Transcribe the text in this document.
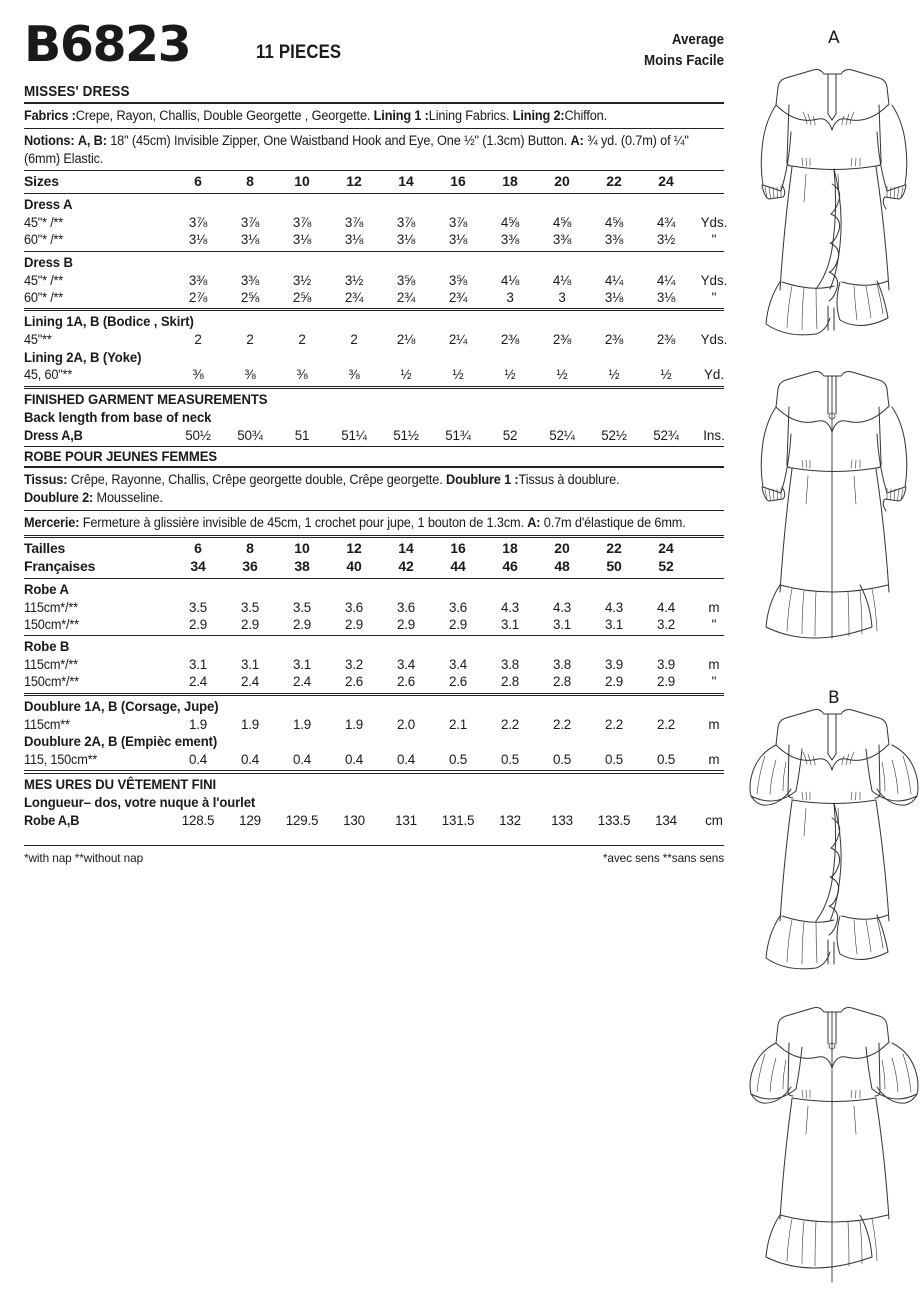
B6823	11 PIECES
Average
Moins Facile
MISSES' DRESS
Fabrics :Crepe, Rayon, Challis, Double Georgette , Georgette. Lining 1 :Lining Fabrics. Lining 2:Chiffon.
Notions: A, B: 18" (45cm) Invisible Zipper, One Waistband Hook and Eye, One ½" (1.3cm) Button. A: ¾ yd. (0.7m) of ¼" (6mm) Elastic.
Sizes	6	8	10	12	14	16	18	20	22	24	
Dress A
45"* /**	3⅞	3⅞	3⅞	3⅞	3⅞	3⅞	4⅝	4⅝	4⅝	4¾	Yds.
60"* /**	3⅛	3⅛	3⅛	3⅛	3⅛	3⅛	3⅜	3⅜	3⅜	3½	"
Dress B
45"* /**	3⅜	3⅜	3½	3½	3⅝	3⅝	4⅛	4⅛	4¼	4¼	Yds.
60"* /**	2⅞	2⅝	2⅝	2¾	2¾	2¾	3	3	3⅛	3⅛	"
Lining 1A, B (Bodice , Skirt)
45"**	2	2	2	2	2⅛	2¼	2⅜	2⅜	2⅜	2⅜	Yds.
Lining 2A, B (Yoke)
45, 60"**	⅜	⅜	⅜	⅜	½	½	½	½	½	½	Yd.
FINISHED GARMENT MEASUREMENTS
Back length from base of neck
Dress A,B	50½	50¾	51	51¼	51½	51¾	52	52¼	52½	52¾	Ins.
ROBE POUR JEUNES FEMMES
Tissus: Crêpe, Rayonne, Challis, Crêpe georgette double, Crêpe georgette. Doublure 1 :Tissus à doublure.
Doublure 2: Mousseline.
Mercerie: Fermeture à glissière invisible de 45cm, 1 crochet pour jupe, 1 bouton de 1.3cm. A: 0.7m d'élastique de 6mm.
Tailles	6	8	10	12	14	16	18	20	22	24	
Françaises	34	36	38	40	42	44	46	48	50	52	
Robe A
115cm*/**	3.5	3.5	3.5	3.6	3.6	3.6	4.3	4.3	4.3	4.4	m
150cm*/**	2.9	2.9	2.9	2.9	2.9	2.9	3.1	3.1	3.1	3.2	"
Robe B
115cm*/**	3.1	3.1	3.1	3.2	3.4	3.4	3.8	3.8	3.9	3.9	m
150cm*/**	2.4	2.4	2.4	2.6	2.6	2.6	2.8	2.8	2.9	2.9	"
Doublure 1A, B (Corsage, Jupe)
115cm**	1.9	1.9	1.9	1.9	2.0	2.1	2.2	2.2	2.2	2.2	m
Doublure 2A, B (Empièc ement)
115, 150cm**	0.4	0.4	0.4	0.4	0.4	0.5	0.5	0.5	0.5	0.5	m
MES URES DU VÊTEMENT FINI
Longueur– dos, votre nuque à l'ourlet
Robe A,B	128.5	129	129.5	130	131	131.5	132	133	133.5	134	cm
*with nap **without nap	*avec sens **sans sens
A
B
